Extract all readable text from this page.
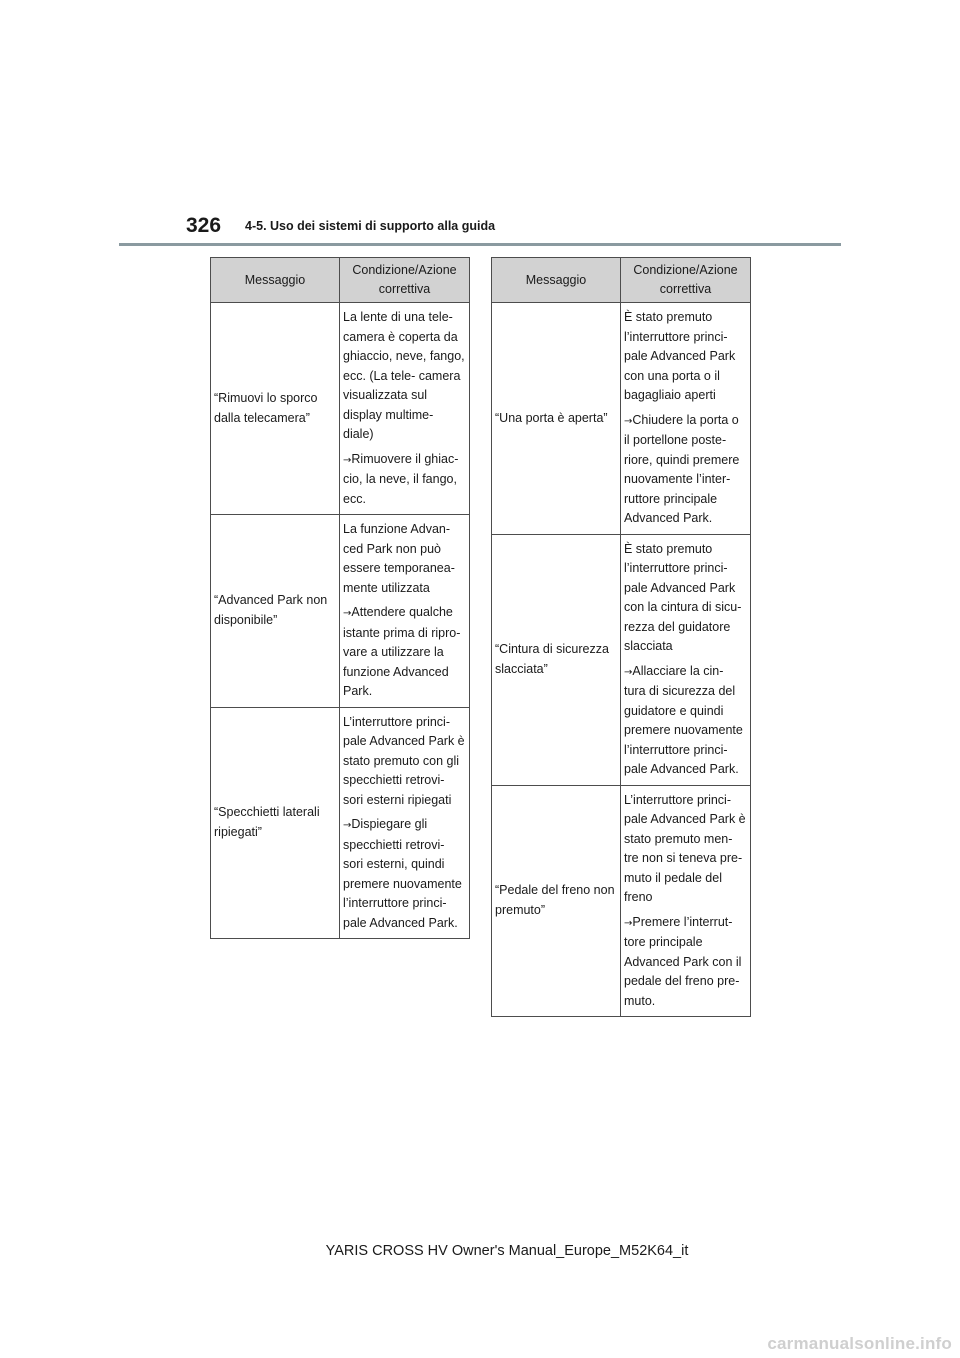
326 4-5. Uso dei sistemi di supporto alla guida
Messaggio	Condizione/Azione correttiva
“Rimuovi lo sporco dalla telecamera”	La lente di una tele- camera è coperta da ghiaccio, neve, fango, ecc. (La tele- camera visualizzata sul display multime- diale)

→Rimuovere il ghiac- cio, la neve, il fango, ecc.

“Advanced Park non disponibile”	La funzione Advan- ced Park non può essere temporanea- mente utilizzata

→Attendere qualche istante prima di ripro- vare a utilizzare la funzione Advanced Park.

“Specchietti laterali ripiegati”	L’interruttore princi- pale Advanced Park è stato premuto con gli specchietti retrovi- sori esterni ripiegati

→Dispiegare gli specchietti retrovi- sori esterni, quindi premere nuovamente l’interruttore princi- pale Advanced Park.

Messaggio	Condizione/Azione correttiva
“Una porta è aperta”	È stato premuto l’interruttore princi- pale Advanced Park con una porta o il bagagliaio aperti

→Chiudere la porta o il portellone poste- riore, quindi premere nuovamente l’inter- ruttore principale Advanced Park.

“Cintura di sicurezza slacciata”	È stato premuto l’interruttore princi- pale Advanced Park con la cintura di sicu- rezza del guidatore slacciata

→Allacciare la cin- tura di sicurezza del guidatore e quindi premere nuovamente l’interruttore princi- pale Advanced Park.

“Pedale del freno non premuto”	L’interruttore princi- pale Advanced Park è stato premuto men- tre non si teneva pre- muto il pedale del freno

→Premere l’interrut- tore principale Advanced Park con il pedale del freno pre- muto.

YARIS CROSS HV Owner's Manual_Europe_M52K64_it
carmanualsonline.info
